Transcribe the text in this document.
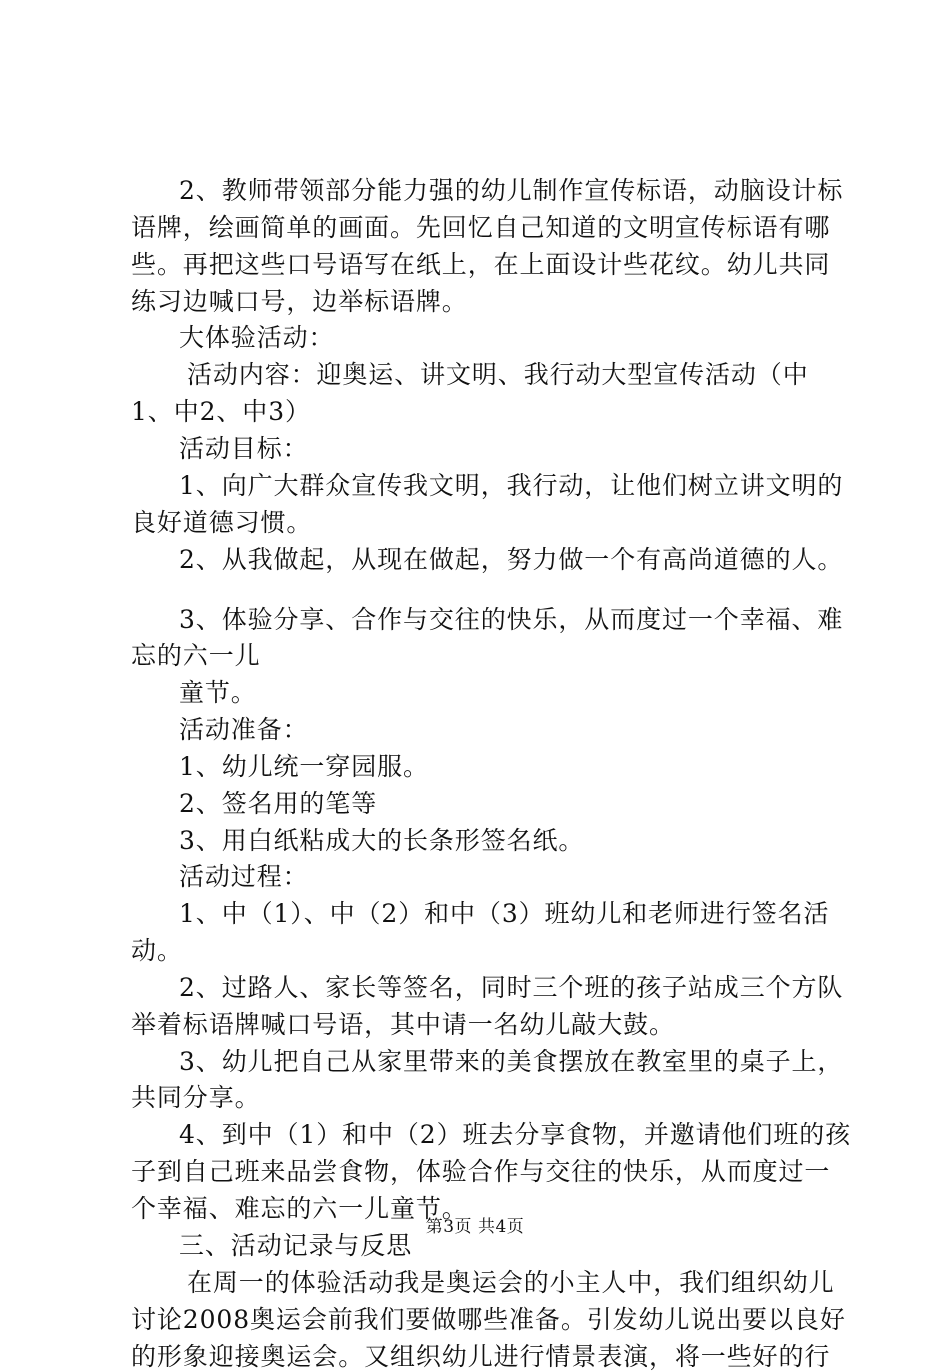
2、教师带领部分能力强的幼儿制作宣传标语，动脑设计标
语牌，绘画简单的画面。先回忆自己知道的文明宣传标语有哪
些。再把这些口号语写在纸上，在上面设计些花纹。幼儿共同
练习边喊口号，边举标语牌。
大体验活动：
活动内容：迎奥运、讲文明、我行动大型宣传活动（中
1、中2、中3）
活动目标：
1、向广大群众宣传我文明，我行动，让他们树立讲文明的
良好道德习惯。
2、从我做起，从现在做起，努力做一个有高尚道德的人。
3、体验分享、合作与交往的快乐，从而度过一个幸福、难
忘的六一儿
童节。
活动准备：
1、幼儿统一穿园服。
2、签名用的笔等
3、用白纸粘成大的长条形签名纸。
活动过程：
1、中（1）、中（2）和中（3）班幼儿和老师进行签名活
动。
2、过路人、家长等签名，同时三个班的孩子站成三个方队
举着标语牌喊口号语，其中请一名幼儿敲大鼓。
3、幼儿把自己从家里带来的美食摆放在教室里的桌子上，
共同分享。
4、到中（1）和中（2）班去分享食物，并邀请他们班的孩
子到自己班来品尝食物，体验合作与交往的快乐，从而度过一
个幸福、难忘的六一儿童节。
三、活动记录与反思
在周一的体验活动我是奥运会的小主人中，我们组织幼儿
讨论2008奥运会前我们要做哪些准备。引发幼儿说出要以良好
的形象迎接奥运会。又组织幼儿进行情景表演，将一些好的行
第3页 共4页
